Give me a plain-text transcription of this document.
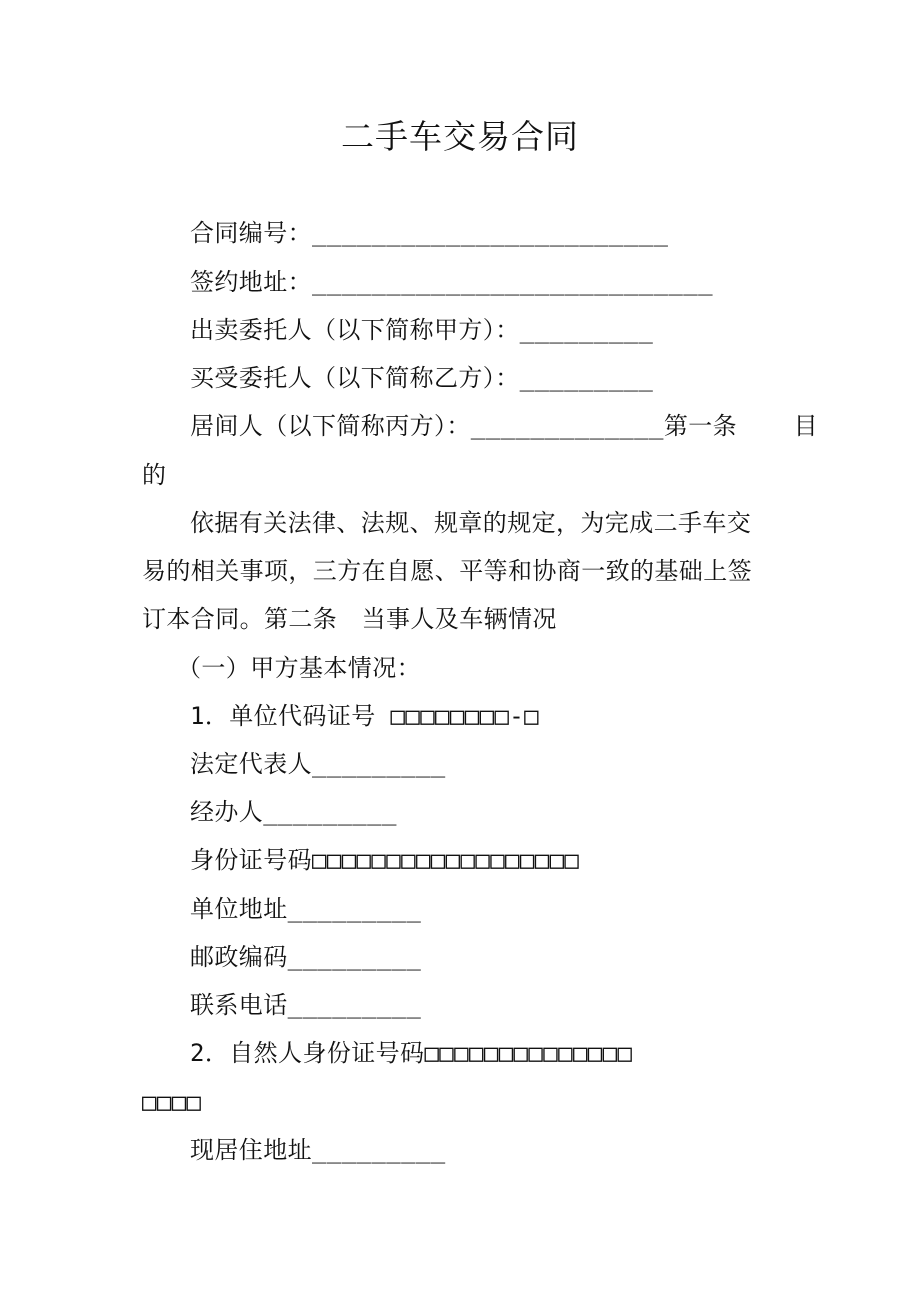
二手车交易合同
合同编号：________________________
签约地址：___________________________
出卖委托人（以下简称甲方）：_________
买受委托人（以下简称乙方）：_________
居间人（以下简称丙方）：_____________第一条 目
的
依据有关法律、法规、规章的规定，为完成二手车交
易的相关事项，三方在自愿、平等和协商一致的基础上签
订本合同。第二条　当事人及车辆情况
（一）甲方基本情况：
1．单位代码证号 □□□□□□□□-□
法定代表人_________
经办人_________
身份证号码□□□□□□□□□□□□□□□□□□
单位地址_________
邮政编码_________
联系电话_________
2．自然人身份证号码□□□□□□□□□□□□□□
□□□□
现居住地址_________
